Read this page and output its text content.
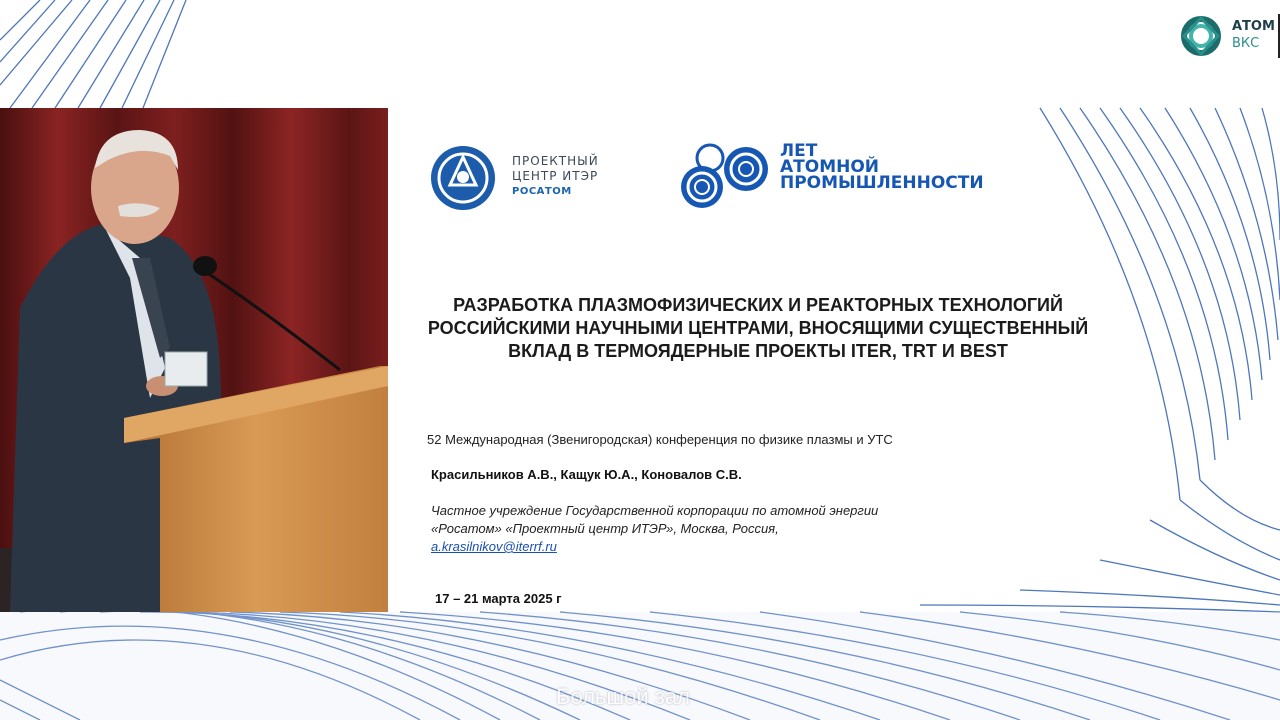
АТОМ
ВКС
ПРОЕКТНЫЙ
ЦЕНТР ИТЭР
РОСАТОМ
ЛЕТ
АТОМНОЙ
ПРОМЫШЛЕННОСТИ
РАЗРАБОТКА ПЛАЗМОФИЗИЧЕСКИХ И РЕАКТОРНЫХ ТЕХНОЛОГИЙ
РОССИЙСКИМИ НАУЧНЫМИ ЦЕНТРАМИ, ВНОСЯЩИМИ СУЩЕСТВЕННЫЙ
ВКЛАД В ТЕРМОЯДЕРНЫЕ ПРОЕКТЫ ITER, TRT И BEST
52 Международная (Звенигородская) конференция по физике плазмы и УТС
Красильников А.В., Кащук Ю.А., Коновалов С.В.
Частное учреждение Государственной корпорации по атомной энергии
«Росатом» «Проектный центр ИТЭР», Москва, Россия,
a.krasilnikov@iterrf.ru
17 – 21 марта 2025 г
Большой зал
